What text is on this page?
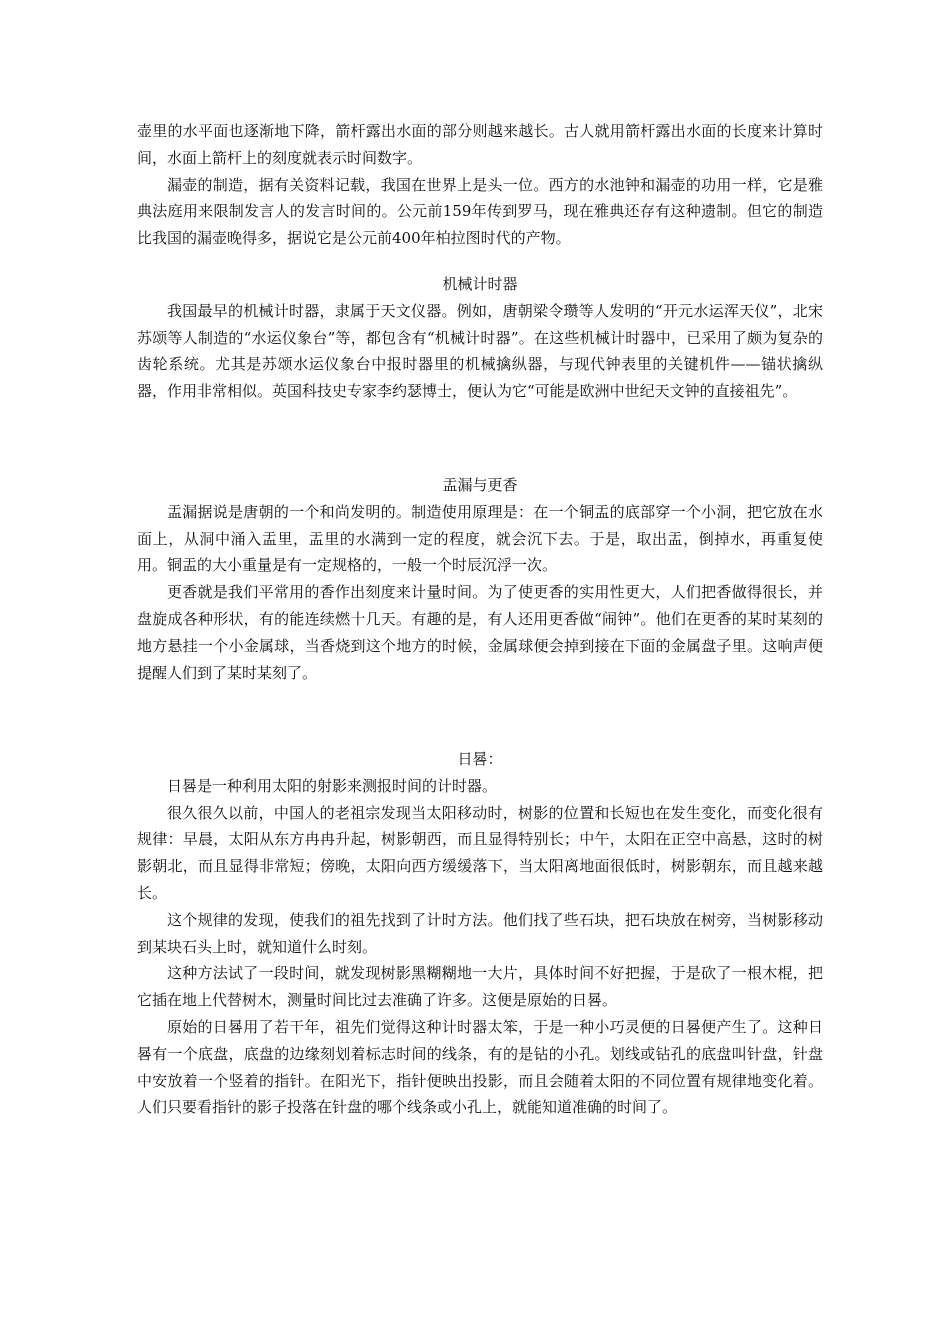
壶里的水平面也逐渐地下降，箭杆露出水面的部分则越来越长。古人就用箭杆露出水面的长度来计算时间，水面上箭杆上的刻度就表示时间数字。

漏壶的制造，据有关资料记载，我国在世界上是头一位。西方的水池钟和漏壶的功用一样，它是雅典法庭用来限制发言人的发言时间的。公元前159年传到罗马，现在雅典还存有这种遗制。但它的制造比我国的漏壶晚得多，据说它是公元前400年柏拉图时代的产物。

机械计时器

我国最早的机械计时器，隶属于天文仪器。例如，唐朝梁令瓒等人发明的“开元水运浑天仪”，北宋苏颂等人制造的“水运仪象台”等，都包含有“机械计时器”。在这些机械计时器中，已采用了颇为复杂的齿轮系统。尤其是苏颂水运仪象台中报时器里的机械擒纵器，与现代钟表里的关键机件——锚状擒纵器，作用非常相似。英国科技史专家李约瑟博士，便认为它“可能是欧洲中世纪天文钟的直接祖先”。

盂漏与更香

盂漏据说是唐朝的一个和尚发明的。制造使用原理是：在一个铜盂的底部穿一个小洞，把它放在水面上，从洞中涌入盂里，盂里的水满到一定的程度，就会沉下去。于是，取出盂，倒掉水，再重复使用。铜盂的大小重量是有一定规格的，一般一个时辰沉浮一次。

更香就是我们平常用的香作出刻度来计量时间。为了使更香的实用性更大，人们把香做得很长，并盘旋成各种形状，有的能连续燃十几天。有趣的是，有人还用更香做“闹钟”。他们在更香的某时某刻的地方悬挂一个小金属球，当香烧到这个地方的时候，金属球便会掉到接在下面的金属盘子里。这响声便提醒人们到了某时某刻了。

日晷：

日晷是一种利用太阳的射影来测报时间的计时器。

很久很久以前，中国人的老祖宗发现当太阳移动时，树影的位置和长短也在发生变化，而变化很有规律：早晨，太阳从东方冉冉升起，树影朝西，而且显得特别长；中午，太阳在正空中高悬，这时的树影朝北，而且显得非常短；傍晚，太阳向西方缓缓落下，当太阳离地面很低时，树影朝东，而且越来越长。

这个规律的发现，使我们的祖先找到了计时方法。他们找了些石块，把石块放在树旁，当树影移动到某块石头上时，就知道什么时刻。

这种方法试了一段时间，就发现树影黑糊糊地一大片，具体时间不好把握，于是砍了一根木棍，把它插在地上代替树木，测量时间比过去准确了许多。这便是原始的日晷。

原始的日晷用了若干年，祖先们觉得这种计时器太笨，于是一种小巧灵便的日晷便产生了。这种日晷有一个底盘，底盘的边缘刻划着标志时间的线条，有的是钻的小孔。划线或钻孔的底盘叫针盘，针盘中安放着一个竖着的指针。在阳光下，指针便映出投影，而且会随着太阳的不同位置有规律地变化着。人们只要看指针的影子投落在针盘的哪个线条或小孔上，就能知道准确的时间了。
